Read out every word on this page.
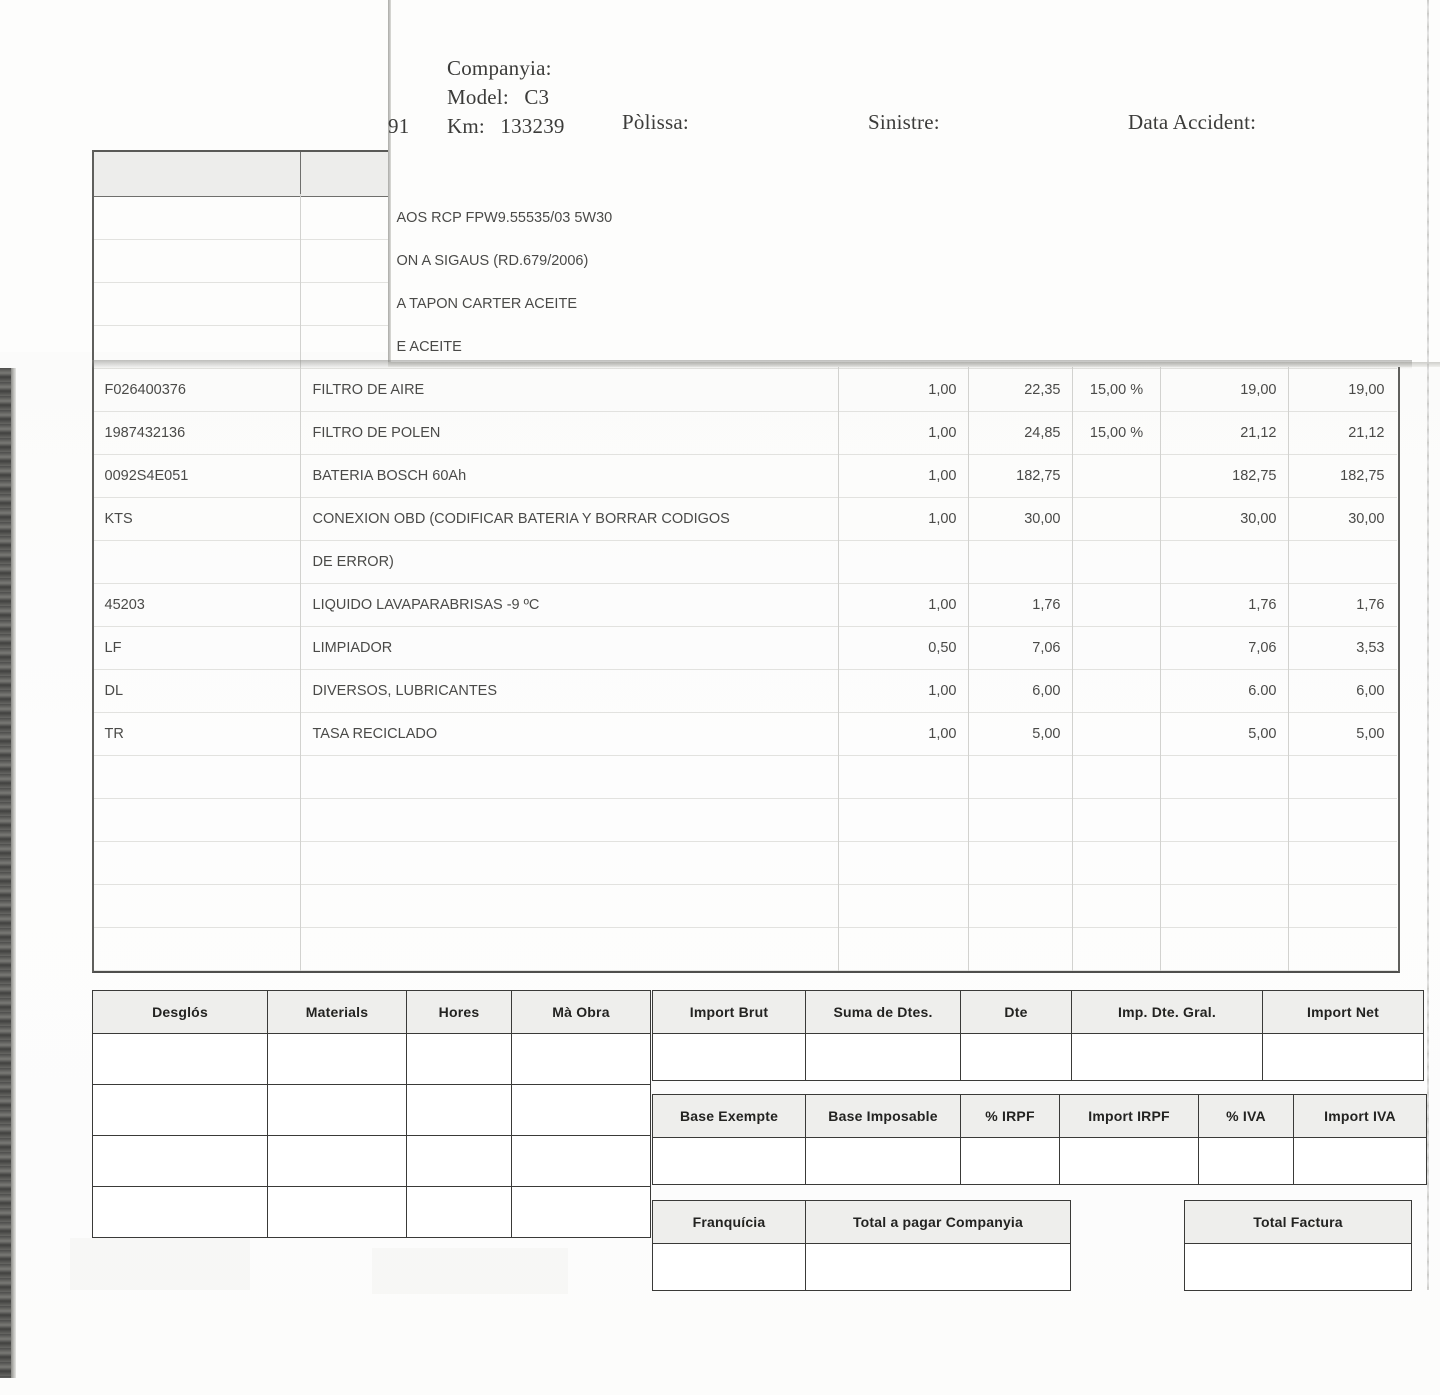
	AOS RCP FPW9.55535/03 5W30					
	ON A SIGAUS (RD.679/2006)					
	A TAPON CARTER ACEITE					
	E ACEITE					
F026400376	FILTRO DE AIRE	1,00	22,35	15,00 %	19,00	19,00
1987432136	FILTRO DE POLEN	1,00	24,85	15,00 %	21,12	21,12
0092S4E051	BATERIA BOSCH 60Ah	1,00	182,75		182,75	182,75
KTS	CONEXION OBD (CODIFICAR BATERIA Y BORRAR CODIGOS	1,00	30,00		30,00	30,00
	DE ERROR)					
45203	LIQUIDO LAVAPARABRISAS -9 ºC	1,00	1,76		1,76	1,76
LF	LIMPIADOR	0,50	7,06		7,06	3,53
DL	DIVERSOS, LUBRICANTES	1,00	6,00		6.00	6,00
TR	TASA RECICLADO	1,00	5,00		5,00	5,00

91
Companyia:
Model: C3
Km: 133239	Pòlissa:	Sinistre:	Data Accident:
Desglós	Materials	Hores	Mà Obra

				Import Brut	Suma de Dtes.	Dte	Imp. Dte. Gral.	Import Net

Base Exempte	Base Imposable	% IRPF	Import IRPF	% IVA	Import IVA

Franquícia	Total a pagar Companyia
		Total Factura
